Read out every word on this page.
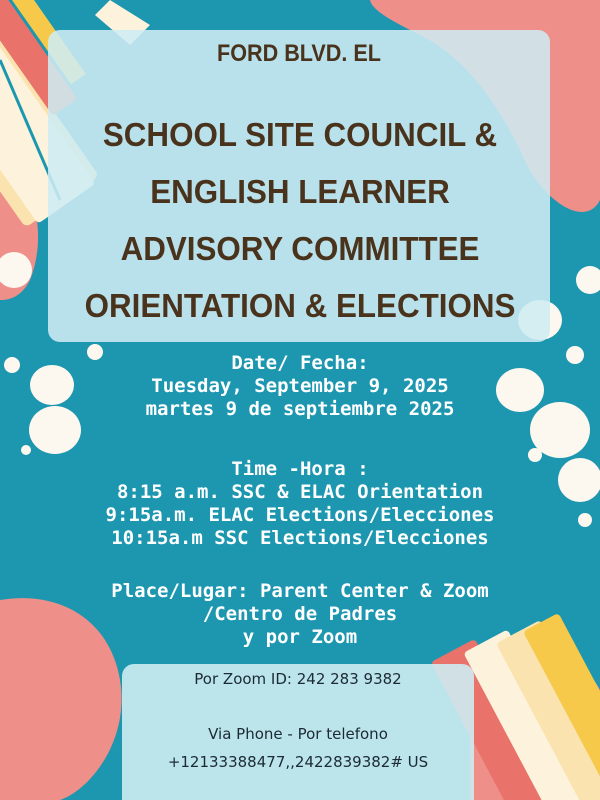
FORD BLVD. EL
SCHOOL SITE COUNCIL &
ENGLISH LEARNER
ADVISORY COMMITTEE
ORIENTATION & ELECTIONS
Date/ Fecha:
Tuesday, September 9, 2025
martes 9 de septiembre 2025
Time -Hora :
8:15 a.m. SSC & ELAC Orientation
9:15a.m. ELAC Elections/Elecciones
10:15a.m SSC Elections/Elecciones
Place/Lugar: Parent Center & Zoom
/Centro de Padres
y por Zoom
Por Zoom ID: 242 283 9382
Via Phone - Por telefono
+12133388477,,2422839382# US
